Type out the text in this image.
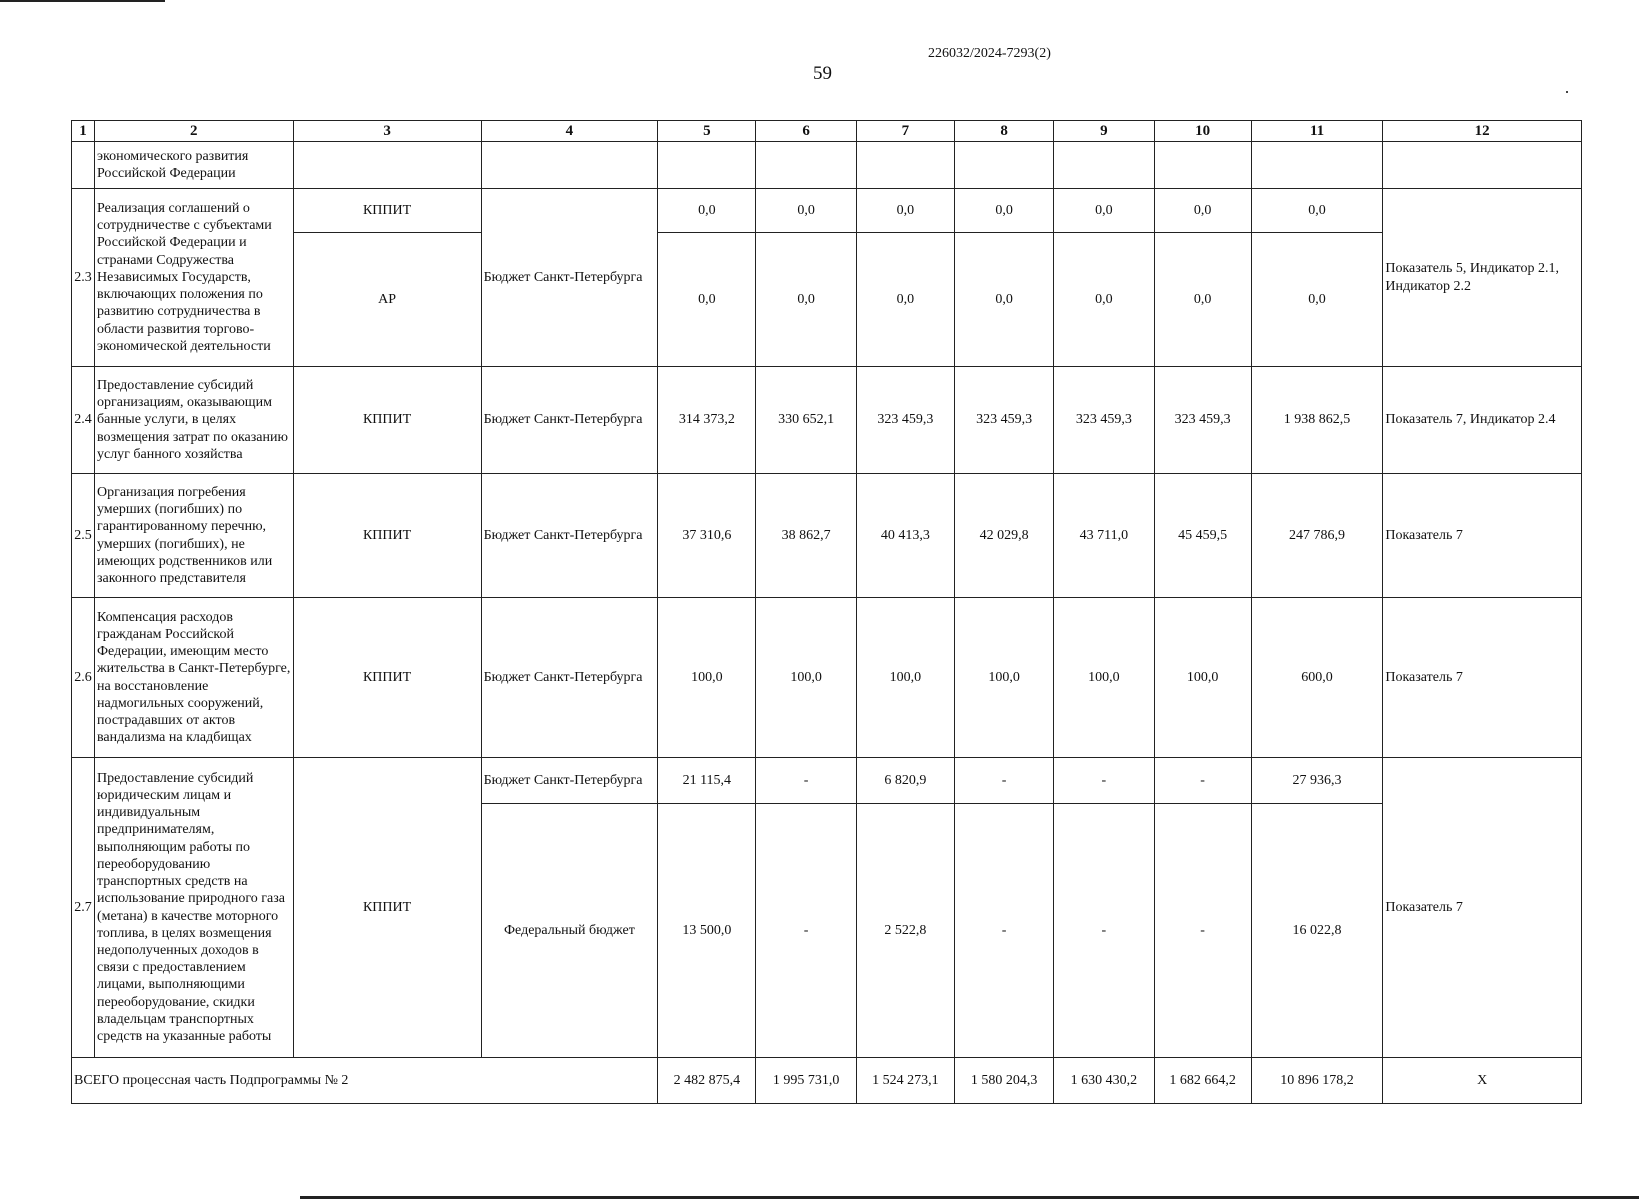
226032/2024-7293(2)
59
1	2	3	4	5	6	7	8	9	10	11	12
	экономического развития Российской Федерации										
2.3	Реализация соглашений о сотрудничестве с субъектами Российской Федерации и странами Содружества Независимых Государств, включающих положения по развитию сотрудничества в области развития торгово-экономической деятельности	КППИТ	Бюджет Санкт-Петербурга	0,0	0,0	0,0	0,0	0,0	0,0	0,0	Показатель 5, Индикатор 2.1, Индикатор 2.2
		АР		0,0	0,0	0,0	0,0	0,0	0,0	0,0	
2.4	Предоставление субсидий организациям, оказывающим банные услуги, в целях возмещения затрат по оказанию услуг банного хозяйства	КППИТ	Бюджет Санкт-Петербурга	314 373,2	330 652,1	323 459,3	323 459,3	323 459,3	323 459,3	1 938 862,5	Показатель 7, Индикатор 2.4
2.5	Организация погребения умерших (погибших) по гарантированному перечню, умерших (погибших), не имеющих родственников или законного представителя	КППИТ	Бюджет Санкт-Петербурга	37 310,6	38 862,7	40 413,3	42 029,8	43 711,0	45 459,5	247 786,9	Показатель 7
2.6	Компенсация расходов гражданам Российской Федерации, имеющим место жительства в Санкт-Петербурге, на восстановление надмогильных сооружений, пострадавших от актов вандализма на кладбищах	КППИТ	Бюджет Санкт-Петербурга	100,0	100,0	100,0	100,0	100,0	100,0	600,0	Показатель 7
2.7	Предоставление субсидий юридическим лицам и индивидуальным предпринимателям, выполняющим работы по переоборудованию транспортных средств на использование природного газа (метана) в качестве моторного топлива, в целях возмещения недополученных доходов в связи с предоставлением лицами, выполняющими переоборудование, скидки владельцам транспортных средств на указанные работы	КППИТ	Бюджет Санкт-Петербурга	21 115,4	-	6 820,9	-	-	-	27 936,3	Показатель 7
			Федеральный бюджет	13 500,0	-	2 522,8	-	-	-	16 022,8	
ВСЕГО процессная часть Подпрограммы № 2				2 482 875,4	1 995 731,0	1 524 273,1	1 580 204,3	1 630 430,2	1 682 664,2	10 896 178,2	X
